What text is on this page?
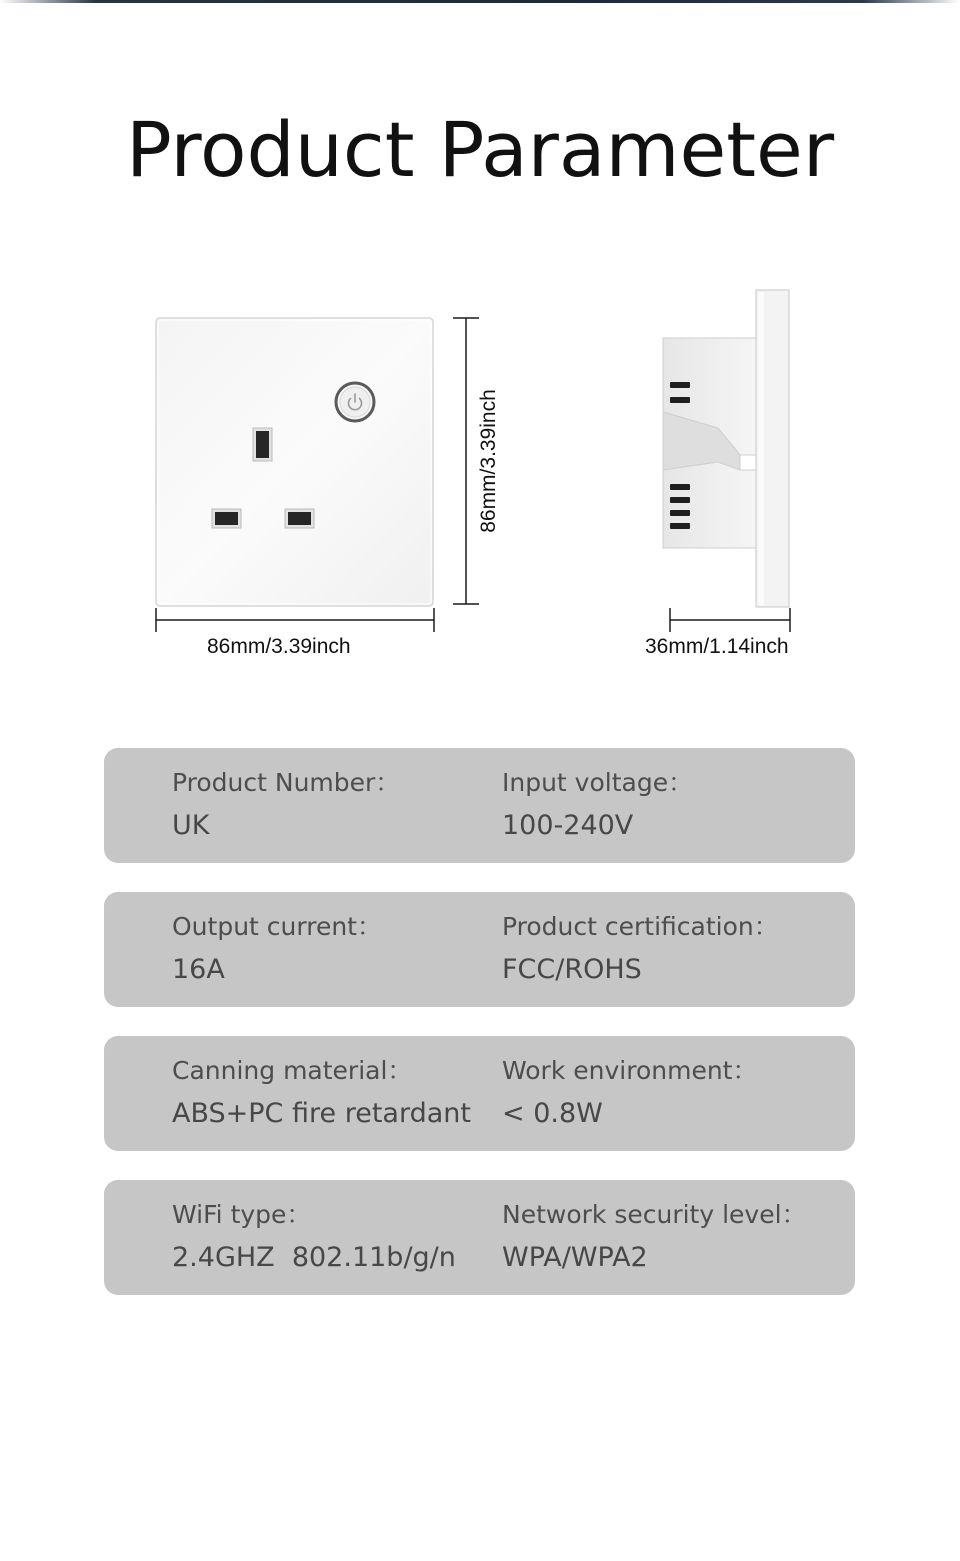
Product Parameter
86mm/3.39inch
86mm/3.39inch
36mm/1.14inch
Product Number：
UK
Input voltage：
100-240V
Output current：
16A
Product certification：
FCC/ROHS
Canning material：
ABS+PC fire retardant
Work environment：
< 0.8W
WiFi type：
2.4GHZ  802.11b/g/n
Network security level：
WPA/WPA2
